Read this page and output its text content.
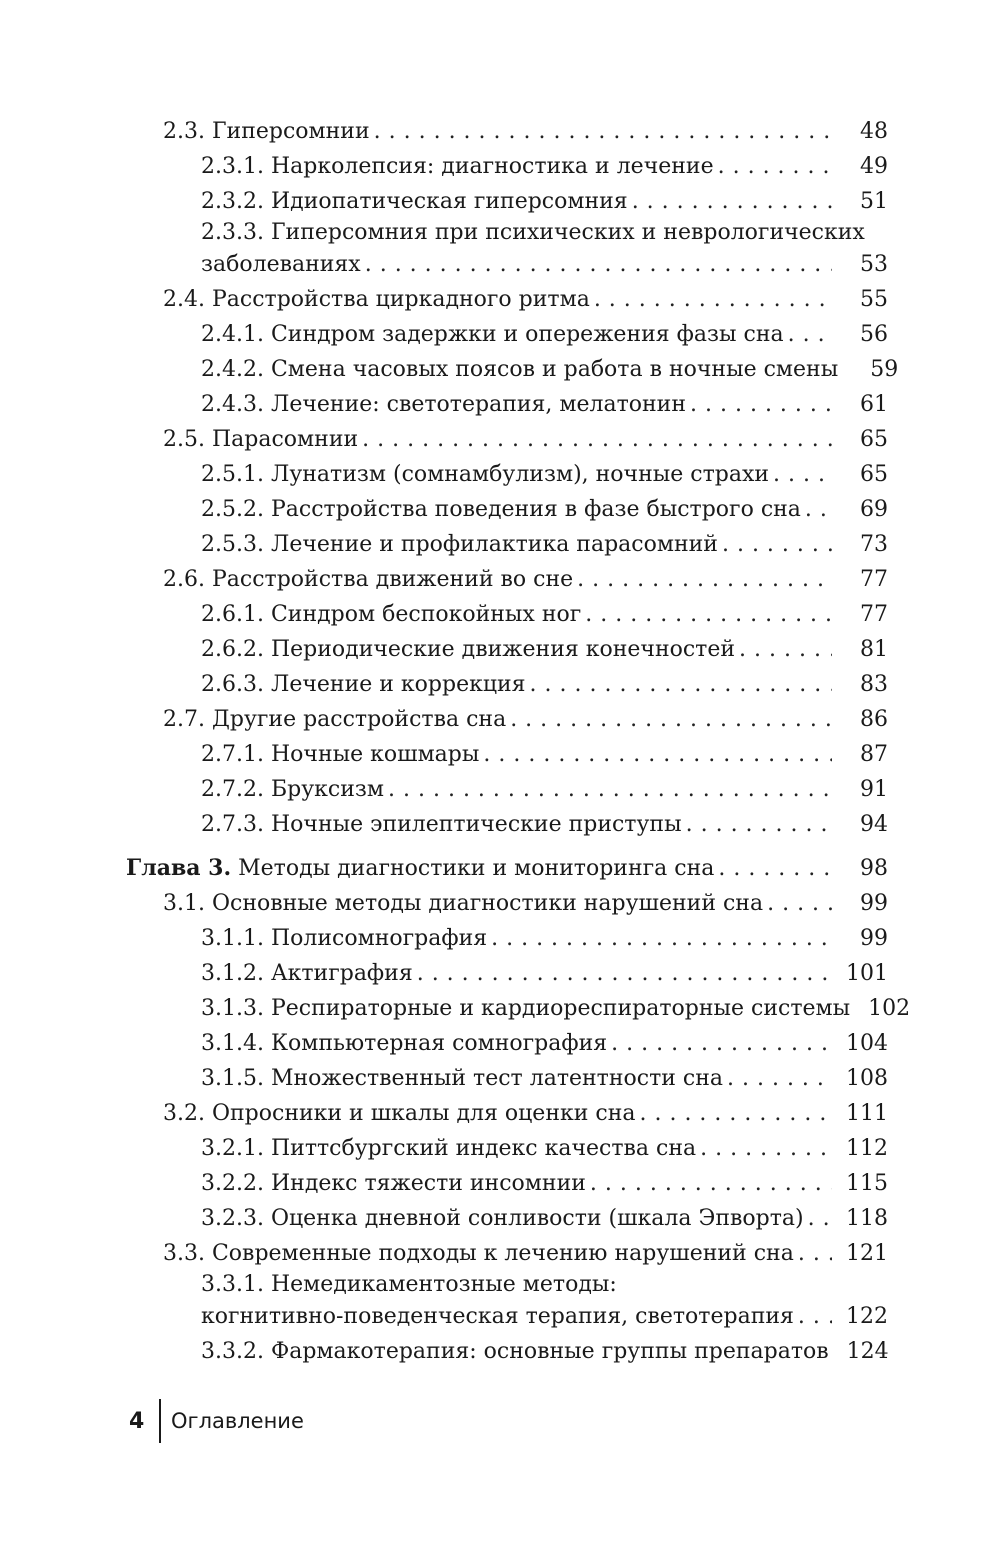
2.3. Гиперсомнии . . .	48
2.3.1. Нарколепсия: диагностика и лечение . . .	49
2.3.2. Идиопатическая гиперсомния . . .	51
2.3.3. Гиперсомния при психических и неврологических
заболеваниях . . .	53
2.4. Расстройства циркадного ритма . . .	55
2.4.1. Синдром задержки и опережения фазы сна . . .	56
2.4.2. Смена часовых поясов и работа в ночные смены	59
2.4.3. Лечение: светотерапия, мелатонин . . .	61
2.5. Парасомнии . . .	65
2.5.1. Лунатизм (сомнамбулизм), ночные страхи . . .	65
2.5.2. Расстройства поведения в фазе быстрого сна . . .	69
2.5.3. Лечение и профилактика парасомний . . .	73
2.6. Расстройства движений во сне . . .	77
2.6.1. Синдром беспокойных ног . . .	77
2.6.2. Периодические движения конечностей . . .	81
2.6.3. Лечение и коррекция . . .	83
2.7. Другие расстройства сна . . .	86
2.7.1. Ночные кошмары . . .	87
2.7.2. Бруксизм . . .	91
2.7.3. Ночные эпилептические приступы . . .	94
Глава 3.
Методы диагностики и мониторинга сна . . .	98
3.1. Основные методы диагностики нарушений сна . . .	99
3.1.1. Полисомнография . . .	99
3.1.2. Актиграфия . . .	101
3.1.3. Респираторные и кардиореспираторные системы 102
3.1.4. Компьютерная сомнография . . .	104
3.1.5. Множественный тест латентности сна . . .	108
3.2. Опросники и шкалы для оценки сна . . .	111
3.2.1. Питтсбургский индекс качества сна . . .	112
3.2.2. Индекс тяжести инсомнии . . .	115
3.2.3. Оценка дневной сонливости (шкала Эпворта) . . .	118
3.3. Современные подходы к лечению нарушений сна . . .	121
3.3.1. Немедикаментозные методы:
когнитивно-поведенческая терапия, светотерапия . . .	122
3.3.2. Фармакотерапия: основные группы препаратов 124
4	Оглавление
